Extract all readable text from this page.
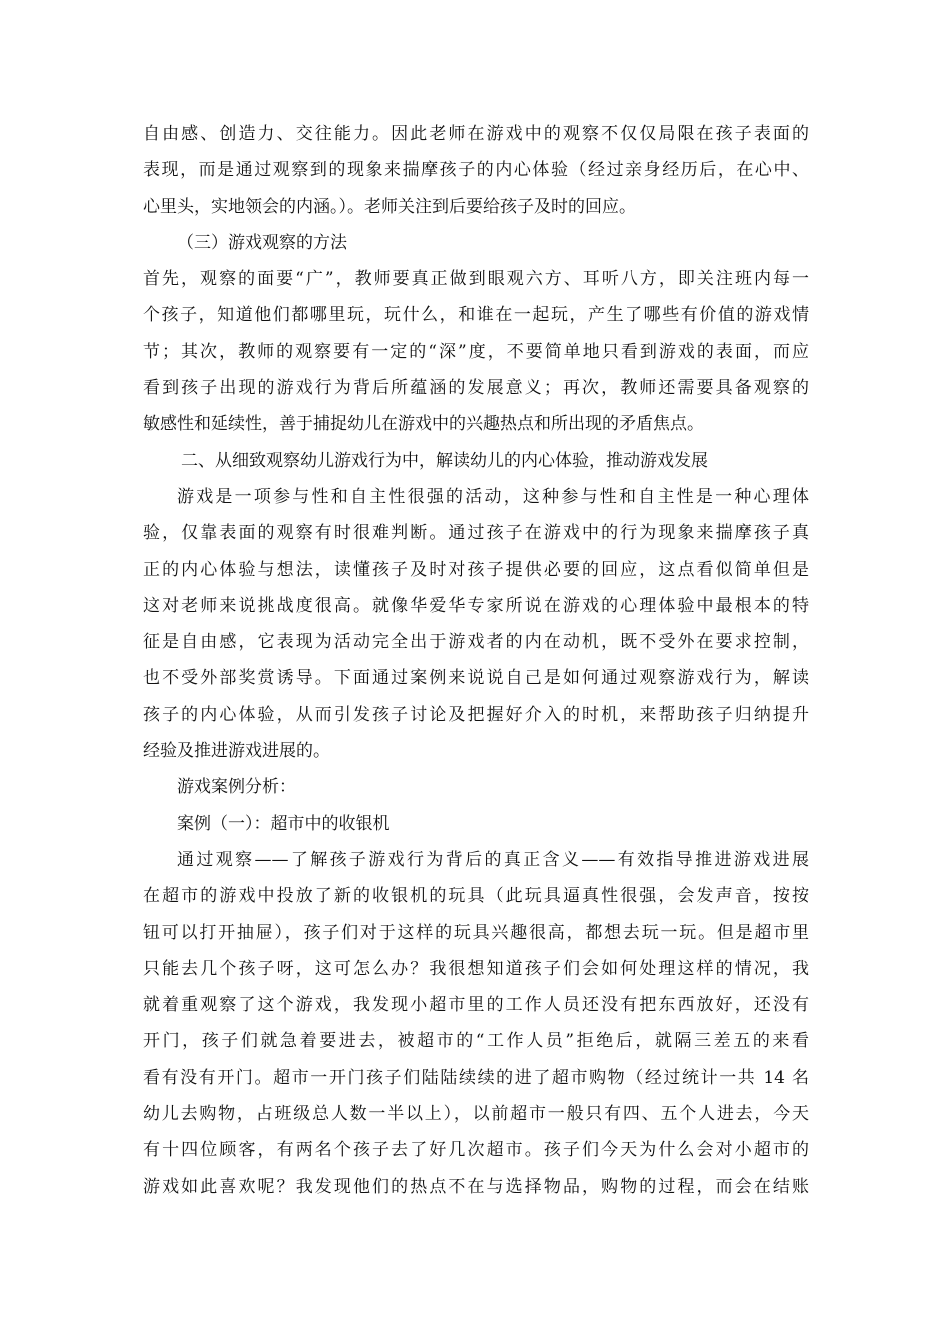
自由感、创造力、交往能力。因此老师在游戏中的观察不仅仅局限在孩子表面的
表现，而是通过观察到的现象来揣摩孩子的内心体验（经过亲身经历后，在心中、
心里头，实地领会的内涵。）。老师关注到后要给孩子及时的回应。
（三）游戏观察的方法
首先，观察的面要“广”，教师要真正做到眼观六方、耳听八方，即关注班内每一
个孩子，知道他们都哪里玩，玩什么，和谁在一起玩，产生了哪些有价值的游戏情
节；其次，教师的观察要有一定的“深”度，不要简单地只看到游戏的表面，而应
看到孩子出现的游戏行为背后所蕴涵的发展意义；再次，教师还需要具备观察的
敏感性和延续性，善于捕捉幼儿在游戏中的兴趣热点和所出现的矛盾焦点。
二、从细致观察幼儿游戏行为中，解读幼儿的内心体验，推动游戏发展
游戏是一项参与性和自主性很强的活动，这种参与性和自主性是一种心理体
验，仅靠表面的观察有时很难判断。通过孩子在游戏中的行为现象来揣摩孩子真
正的内心体验与想法，读懂孩子及时对孩子提供必要的回应，这点看似简单但是
这对老师来说挑战度很高。就像华爱华专家所说在游戏的心理体验中最根本的特
征是自由感，它表现为活动完全出于游戏者的内在动机，既不受外在要求控制，
也不受外部奖赏诱导。下面通过案例来说说自己是如何通过观察游戏行为，解读
孩子的内心体验，从而引发孩子讨论及把握好介入的时机，来帮助孩子归纳提升
经验及推进游戏进展的。
游戏案例分析：
案例（一）：超市中的收银机
通过观察——了解孩子游戏行为背后的真正含义——有效指导推进游戏进展
在超市的游戏中投放了新的收银机的玩具（此玩具逼真性很强，会发声音，按按
钮可以打开抽屉），孩子们对于这样的玩具兴趣很高，都想去玩一玩。但是超市里
只能去几个孩子呀，这可怎么办？我很想知道孩子们会如何处理这样的情况，我
就着重观察了这个游戏，我发现小超市里的工作人员还没有把东西放好，还没有
开门，孩子们就急着要进去，被超市的“工作人员”拒绝后，就隔三差五的来看
看有没有开门。超市一开门孩子们陆陆续续的进了超市购物（经过统计一共 14 名
幼儿去购物，占班级总人数一半以上），以前超市一般只有四、五个人进去，今天
有十四位顾客，有两名个孩子去了好几次超市。孩子们今天为什么会对小超市的
游戏如此喜欢呢？我发现他们的热点不在与选择物品，购物的过程，而会在结账
